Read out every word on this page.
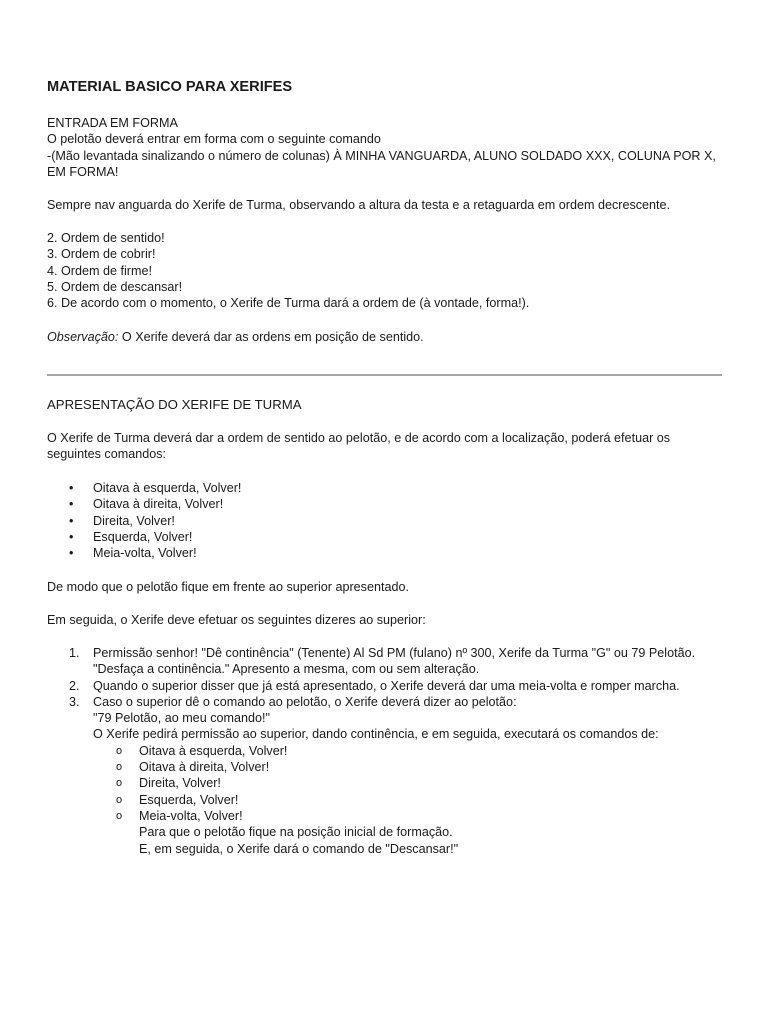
MATERIAL BASICO PARA XERIFES

ENTRADA EM FORMA

O pelotão deverá entrar em forma com o seguinte comando

-(Mão levantada sinalizando o número de colunas) À MINHA VANGUARDA, ALUNO SOLDADO XXX, COLUNA POR X, EM FORMA!

Sempre nav anguarda do Xerife de Turma, observando a altura da testa e a retaguarda em ordem decrescente.

2. Ordem de sentido!

3. Ordem de cobrir!

4. Ordem de firme!

5. Ordem de descansar!

6. De acordo com o momento, o Xerife de Turma dará a ordem de (à vontade, forma!).

Observação: O Xerife deverá dar as ordens em posição de sentido.

APRESENTAÇÃO DO XERIFE DE TURMA

O Xerife de Turma deverá dar a ordem de sentido ao pelotão, e de acordo com a localização, poderá efetuar os seguintes comandos:

• Oitava à esquerda, Volver!
• Oitava à direita, Volver!
• Direita, Volver!
• Esquerda, Volver!
• Meia-volta, Volver!

De modo que o pelotão fique em frente ao superior apresentado.

Em seguida, o Xerife deve efetuar os seguintes dizeres ao superior:

1. Permissão senhor! "Dê continência" (Tenente) Al Sd PM (fulano) nº 300, Xerife da Turma "G" ou 79 Pelotão. "Desfaça a continência." Apresento a mesma, com ou sem alteração.
2. Quando o superior disser que já está apresentado, o Xerife deverá dar uma meia-volta e romper marcha.
3. Caso o superior dê o comando ao pelotão, o Xerife deverá dizer ao pelotão:

"79 Pelotão, ao meu comando!"

O Xerife pedirá permissão ao superior, dando continência, e em seguida, executará os comandos de:

o Oitava à esquerda, Volver!
o Oitava à direita, Volver!
o Direita, Volver!
o Esquerda, Volver!
o Meia-volta, Volver!

Para que o pelotão fique na posição inicial de formação.

E, em seguida, o Xerife dará o comando de "Descansar!"
